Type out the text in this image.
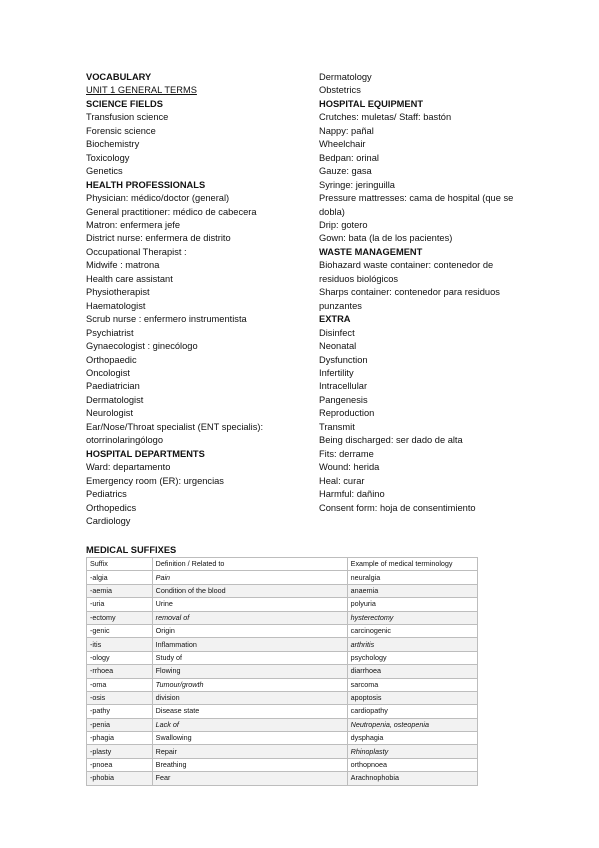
VOCABULARY
UNIT 1 GENERAL TERMS
SCIENCE FIELDS
Transfusion science
Forensic science
Biochemistry
Toxicology
Genetics
HEALTH PROFESSIONALS
Physician: médico/doctor (general)
General practitioner: médico de cabecera
Matron: enfermera jefe
District nurse: enfermera de distrito
Occupational Therapist :
Midwife : matrona
Health care assistant
Physiotherapist
Haematologist
Scrub nurse : enfermero instrumentista
Psychiatrist
Gynaecologist : ginecólogo
Orthopaedic
Oncologist
Paediatrician
Dermatologist
Neurologist
Ear/Nose/Throat specialist (ENT specialis):
otorrinolaringólogo
HOSPITAL DEPARTMENTS
Ward: departamento
Emergency room (ER): urgencias
Pediatrics
Orthopedics
Cardiology
Dermatology
Obstetrics
HOSPITAL EQUIPMENT
Crutches: muletas/ Staff: bastón
Nappy: pañal
Wheelchair
Bedpan: orinal
Gauze: gasa
Syringe: jeringuilla
Pressure mattresses: cama de hospital (que se dobla)
Drip: gotero
Gown: bata (la de los pacientes)
WASTE MANAGEMENT
Biohazard waste container: contenedor de residuos biológicos
Sharps container: contenedor para residuos punzantes
EXTRA
Disinfect
Neonatal
Dysfunction
Infertility
Intracellular
Pangenesis
Reproduction
Transmit
Being discharged: ser dado de alta
Fits: derrame
Wound: herida
Heal: curar
Harmful: dañino
Consent form: hoja de consentimiento
MEDICAL SUFFIXES
Suffix	Definition / Related to	Example of medical terminology
-algia	Pain	neuralgia
-aemia	Condition of the blood	anaemia
-uria	Urine	polyuria
-ectomy	removal of	hysterectomy
-genic	Origin	carcinogenic
-itis	Inflammation	arthritis
-ology	Study of	psychology
-rrhoea	Flowing	diarrhoea
-oma	Tumour/growth	sarcoma
-osis	division	apoptosis
-pathy	Disease state	cardiopathy
-penia	Lack of	Neutropenia, osteopenia
-phagia	Swallowing	dysphagia
-plasty	Repair	Rhinoplasty
-pnoea	Breathing	orthopnoea
-phobia	Fear	Arachnophobia
